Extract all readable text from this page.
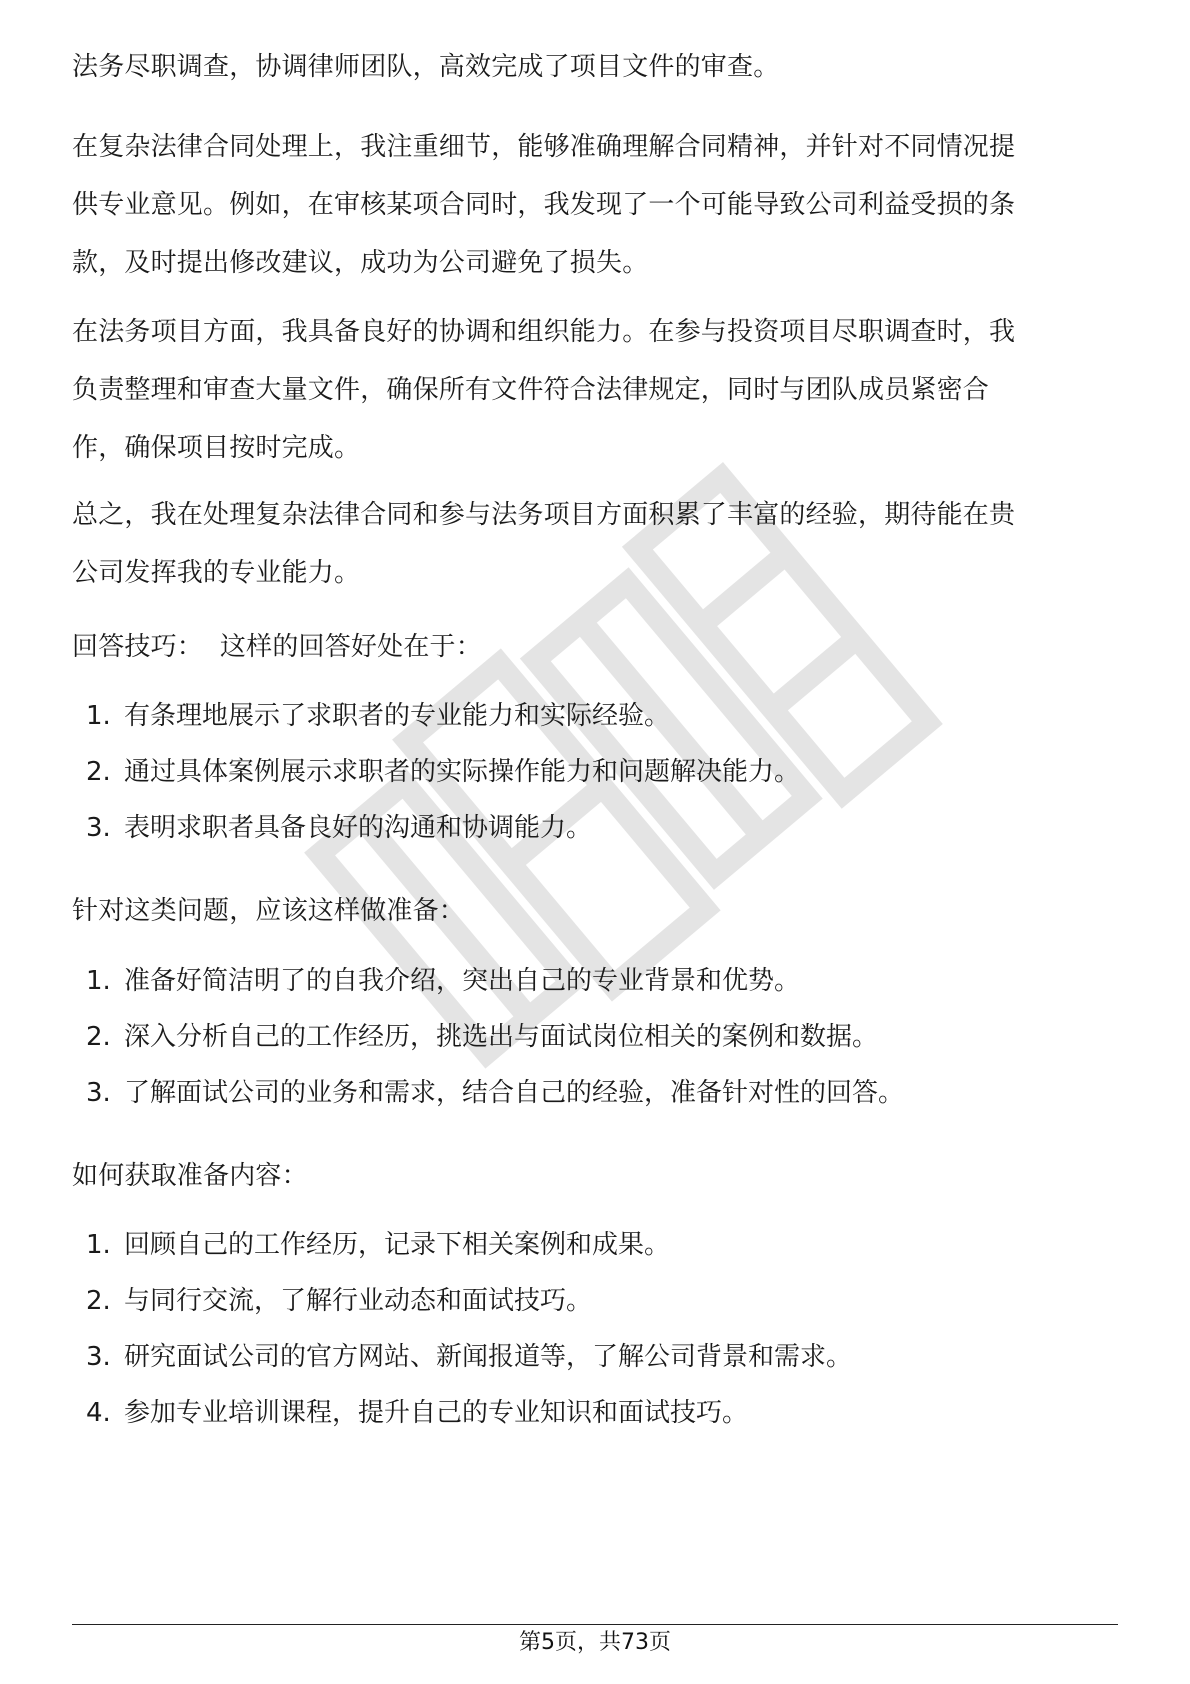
法务尽职调查，协调律师团队，高效完成了项目文件的审查。

在复杂法律合同处理上，我注重细节，能够准确理解合同精神，并针对不同情况提
供专业意见。例如，在审核某项合同时，我发现了一个可能导致公司利益受损的条
款，及时提出修改建议，成功为公司避免了损失。

在法务项目方面，我具备良好的协调和组织能力。在参与投资项目尽职调查时，我
负责整理和审查大量文件，确保所有文件符合法律规定，同时与团队成员紧密合
作，确保项目按时完成。

总之，我在处理复杂法律合同和参与法务项目方面积累了丰富的经验，期待能在贵
公司发挥我的专业能力。

回答技巧：  这样的回答好处在于：

1. 有条理地展示了求职者的专业能力和实际经验。
2. 通过具体案例展示求职者的实际操作能力和问题解决能力。
3. 表明求职者具备良好的沟通和协调能力。

针对这类问题，应该这样做准备：

1. 准备好简洁明了的自我介绍，突出自己的专业背景和优势。
2. 深入分析自己的工作经历，挑选出与面试岗位相关的案例和数据。
3. 了解面试公司的业务和需求，结合自己的经验，准备针对性的回答。

如何获取准备内容：

1. 回顾自己的工作经历，记录下相关案例和成果。
2. 与同行交流，了解行业动态和面试技巧。
3. 研究面试公司的官方网站、新闻报道等，了解公司背景和需求。
4. 参加专业培训课程，提升自己的专业知识和面试技巧。
第5页，共73页
